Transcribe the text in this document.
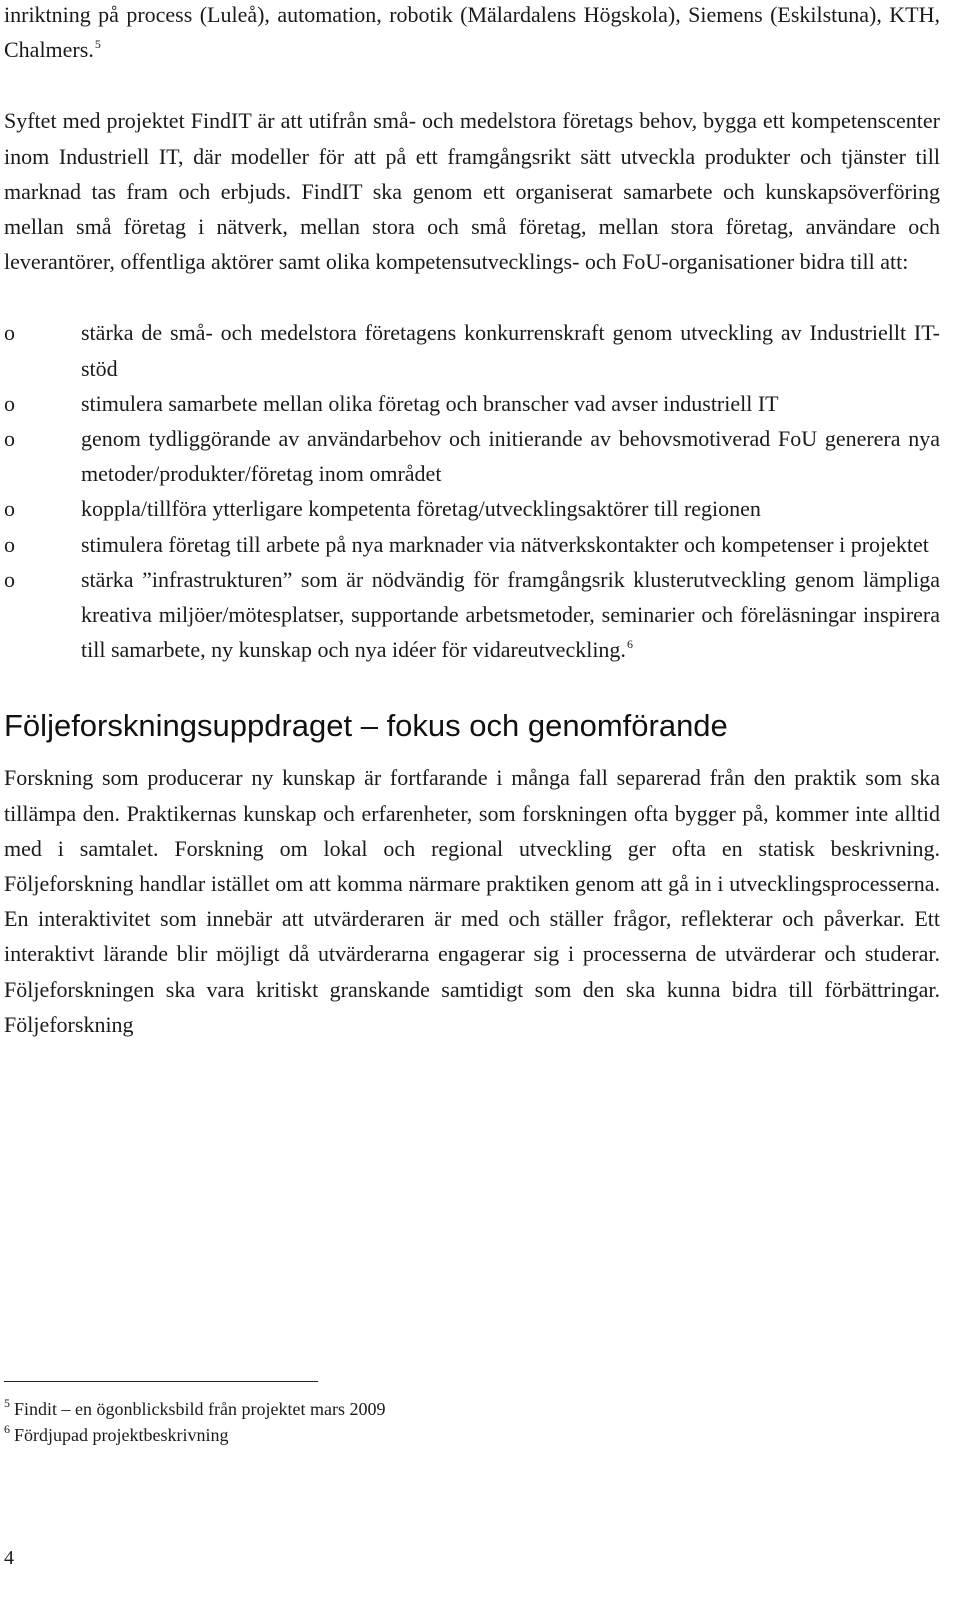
inriktning på process (Luleå), automation, robotik (Mälardalens Högskola), Siemens (Eskilstuna), KTH, Chalmers.$^5$

Syftet med projektet FindIT är att utifrån små- och medelstora företags behov, bygga ett kompetenscenter inom Industriell IT, där modeller för att på ett framgångsrikt sätt utveckla produkter och tjänster till marknad tas fram och erbjuds. FindIT ska genom ett organiserat samarbete och kunskapsöverföring mellan små företag i nätverk, mellan stora och små företag, mellan stora företag, användare och leverantörer, offentliga aktörer samt olika kompetensutvecklings- och FoU-organisationer bidra till att:

o	stärka de små- och medelstora företagens konkurrenskraft genom utveckling av Industriellt IT-stöd
o	stimulera samarbete mellan olika företag och branscher vad avser industriell IT
o	genom tydliggörande av användarbehov och initierande av behovsmotiverad FoU generera nya metoder/produkter/företag inom området
o	koppla/tillföra ytterligare kompetenta företag/utvecklingsaktörer till regionen
o	stimulera företag till arbete på nya marknader via nätverkskontakter och kompetenser i projektet
o	stärka ”infrastrukturen” som är nödvändig för framgångsrik klusterutveckling genom lämpliga kreativa miljöer/mötesplatser, supportande arbetsmetoder, seminarier och föreläsningar inspirera till samarbete, ny kunskap och nya idéer för vidareutveckling.$^6$
Följeforskningsuppdraget – fokus och genomförande

Forskning som producerar ny kunskap är fortfarande i många fall separerad från den praktik som ska tillämpa den. Praktikernas kunskap och erfarenheter, som forskningen ofta bygger på, kommer inte alltid med i samtalet. Forskning om lokal och regional utveckling ger ofta en statisk beskrivning. Följeforskning handlar istället om att komma närmare praktiken genom att gå in i utvecklingsprocesserna. En interaktivitet som innebär att utvärderaren är med och ställer frågor, reflekterar och påverkar. Ett interaktivt lärande blir möjligt då utvärderarna engagerar sig i processerna de utvärderar och studerar. Följeforskningen ska vara kritiskt granskande samtidigt som den ska kunna bidra till förbättringar. Följeforskning

$^5$ Findit – en ögonblicksbild från projektet mars 2009
$^6$ Fördjupad projektbeskrivning
4
